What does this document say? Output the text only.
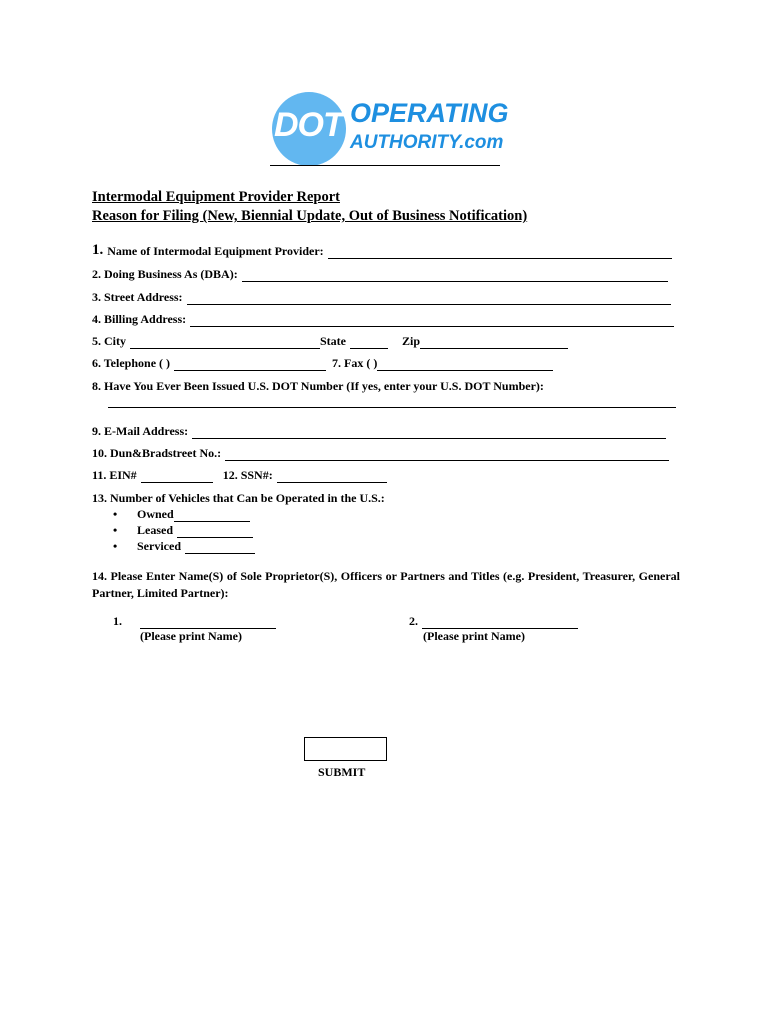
DOT OPERATING
AUTHORITY.com
Intermodal Equipment Provider Report
Reason for Filing (New, Biennial Update, Out of Business Notification)
1. Name of Intermodal Equipment Provider:
2. Doing Business As (DBA):
3. Street Address:
4. Billing Address:
5. City	State	Zip
6. Telephone ( )	7. Fax ( )
8. Have You Ever Been Issued U.S. DOT Number (If yes, enter your U.S. DOT Number):
9. E-Mail Address:
10. Dun&Bradstreet No.:
11. EIN#	12. SSN#:
13. Number of Vehicles that Can be Operated in the U.S.:
•	Owned
•	Leased
•	Serviced
14. Please Enter Name(S) of Sole Proprietor(S), Officers or Partners and Titles (e.g. President, Treasurer, General Partner, Limited Partner):
1.
(Please print Name)
2.
(Please print Name)
SUBMIT
